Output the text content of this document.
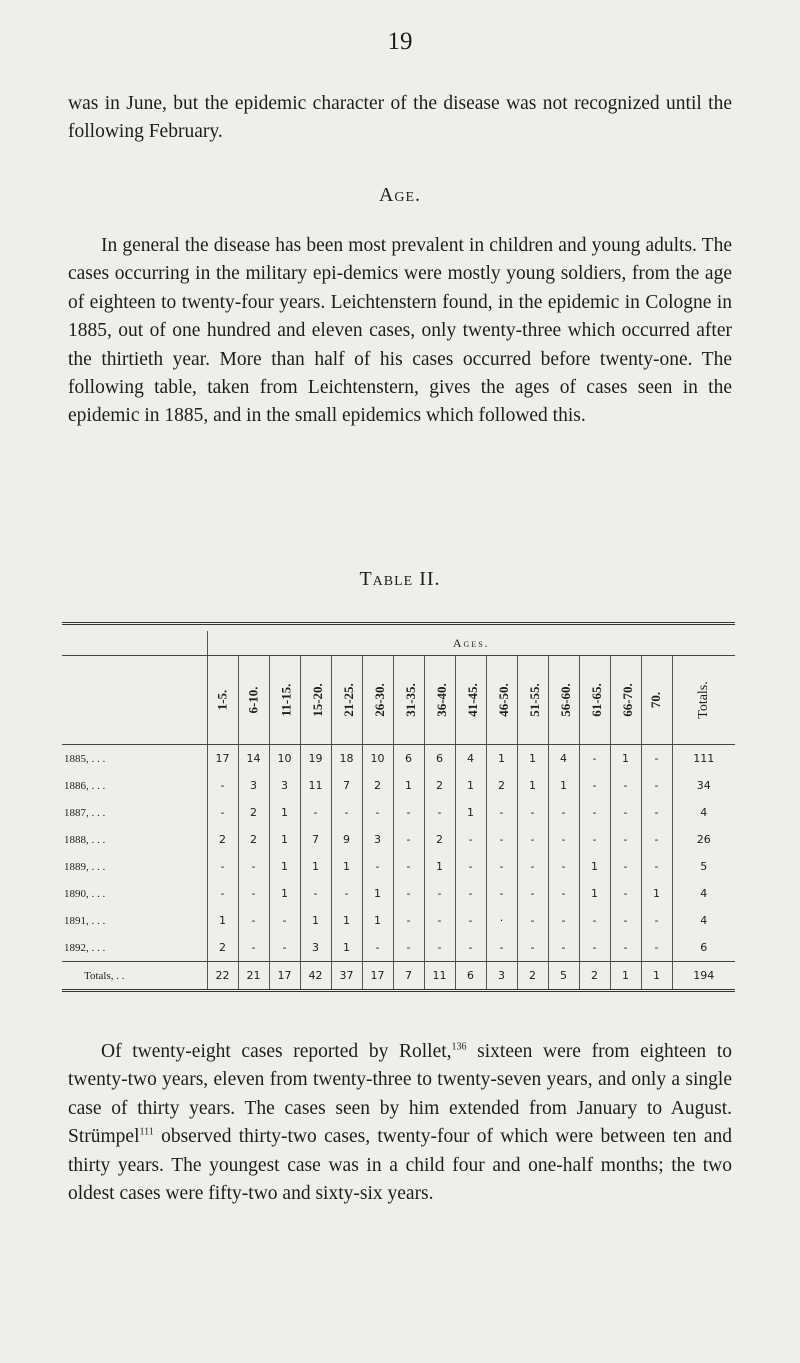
19

was in June, but the epidemic character of the disease was not recognized until the following February.

Age.

In general the disease has been most prevalent in children and young adults. The cases occurring in the military epi-demics were mostly young soldiers, from the age of eighteen to twenty-four years. Leichtenstern found, in the epidemic in Cologne in 1885, out of one hundred and eleven cases, only twenty-three which occurred after the thirtieth year. More than half of his cases occurred before twenty-one. The following table, taken from Leichtenstern, gives the ages of cases seen in the epidemic in 1885, and in the small epidemics which followed this.

Table II.

	Ages.															
	1-5.	6-10.	11-15.	15-20.	21-25.	26-30.	31-35.	36-40.	41-45.	46-50.	51-55.	56-60.	61-65.	66-70.	70.	Totals.
1885, . . .	17	14	10	19	18	10	6	6	4	1	1	4	-	1	-	111
1886, . . .	-	3	3	11	7	2	1	2	1	2	1	1	-	-	-	34
1887, . . .	-	2	1	-	-	-	-	-	1	-	-	-	-	-	-	4
1888, . . .	2	2	1	7	9	3	-	2	-	-	-	-	-	-	-	26
1889, . . .	-	-	1	1	1	-	-	1	-	-	-	-	1	-	-	5
1890, . . .	-	-	1	-	-	1	-	-	-	-	-	-	1	-	1	4
1891, . . .	1	-	-	1	1	1	-	-	-	·	-	-	-	-	-	4
1892, . . .	2	-	-	3	1	-	-	-	-	-	-	-	-	-	-	6
Totals, . .	22	21	17	42	37	17	7	11	6	3	2	5	2	1	1	194

Of twenty-eight cases reported by Rollet,$^{136}$ sixteen were from eighteen to twenty-two years, eleven from twenty-three to twenty-seven years, and only a single case of thirty years. The cases seen by him extended from January to August. Strümpel$^{111}$ observed thirty-two cases, twenty-four of which were between ten and thirty years. The youngest case was in a child four and one-half months; the two oldest cases were fifty-two and sixty-six years.
